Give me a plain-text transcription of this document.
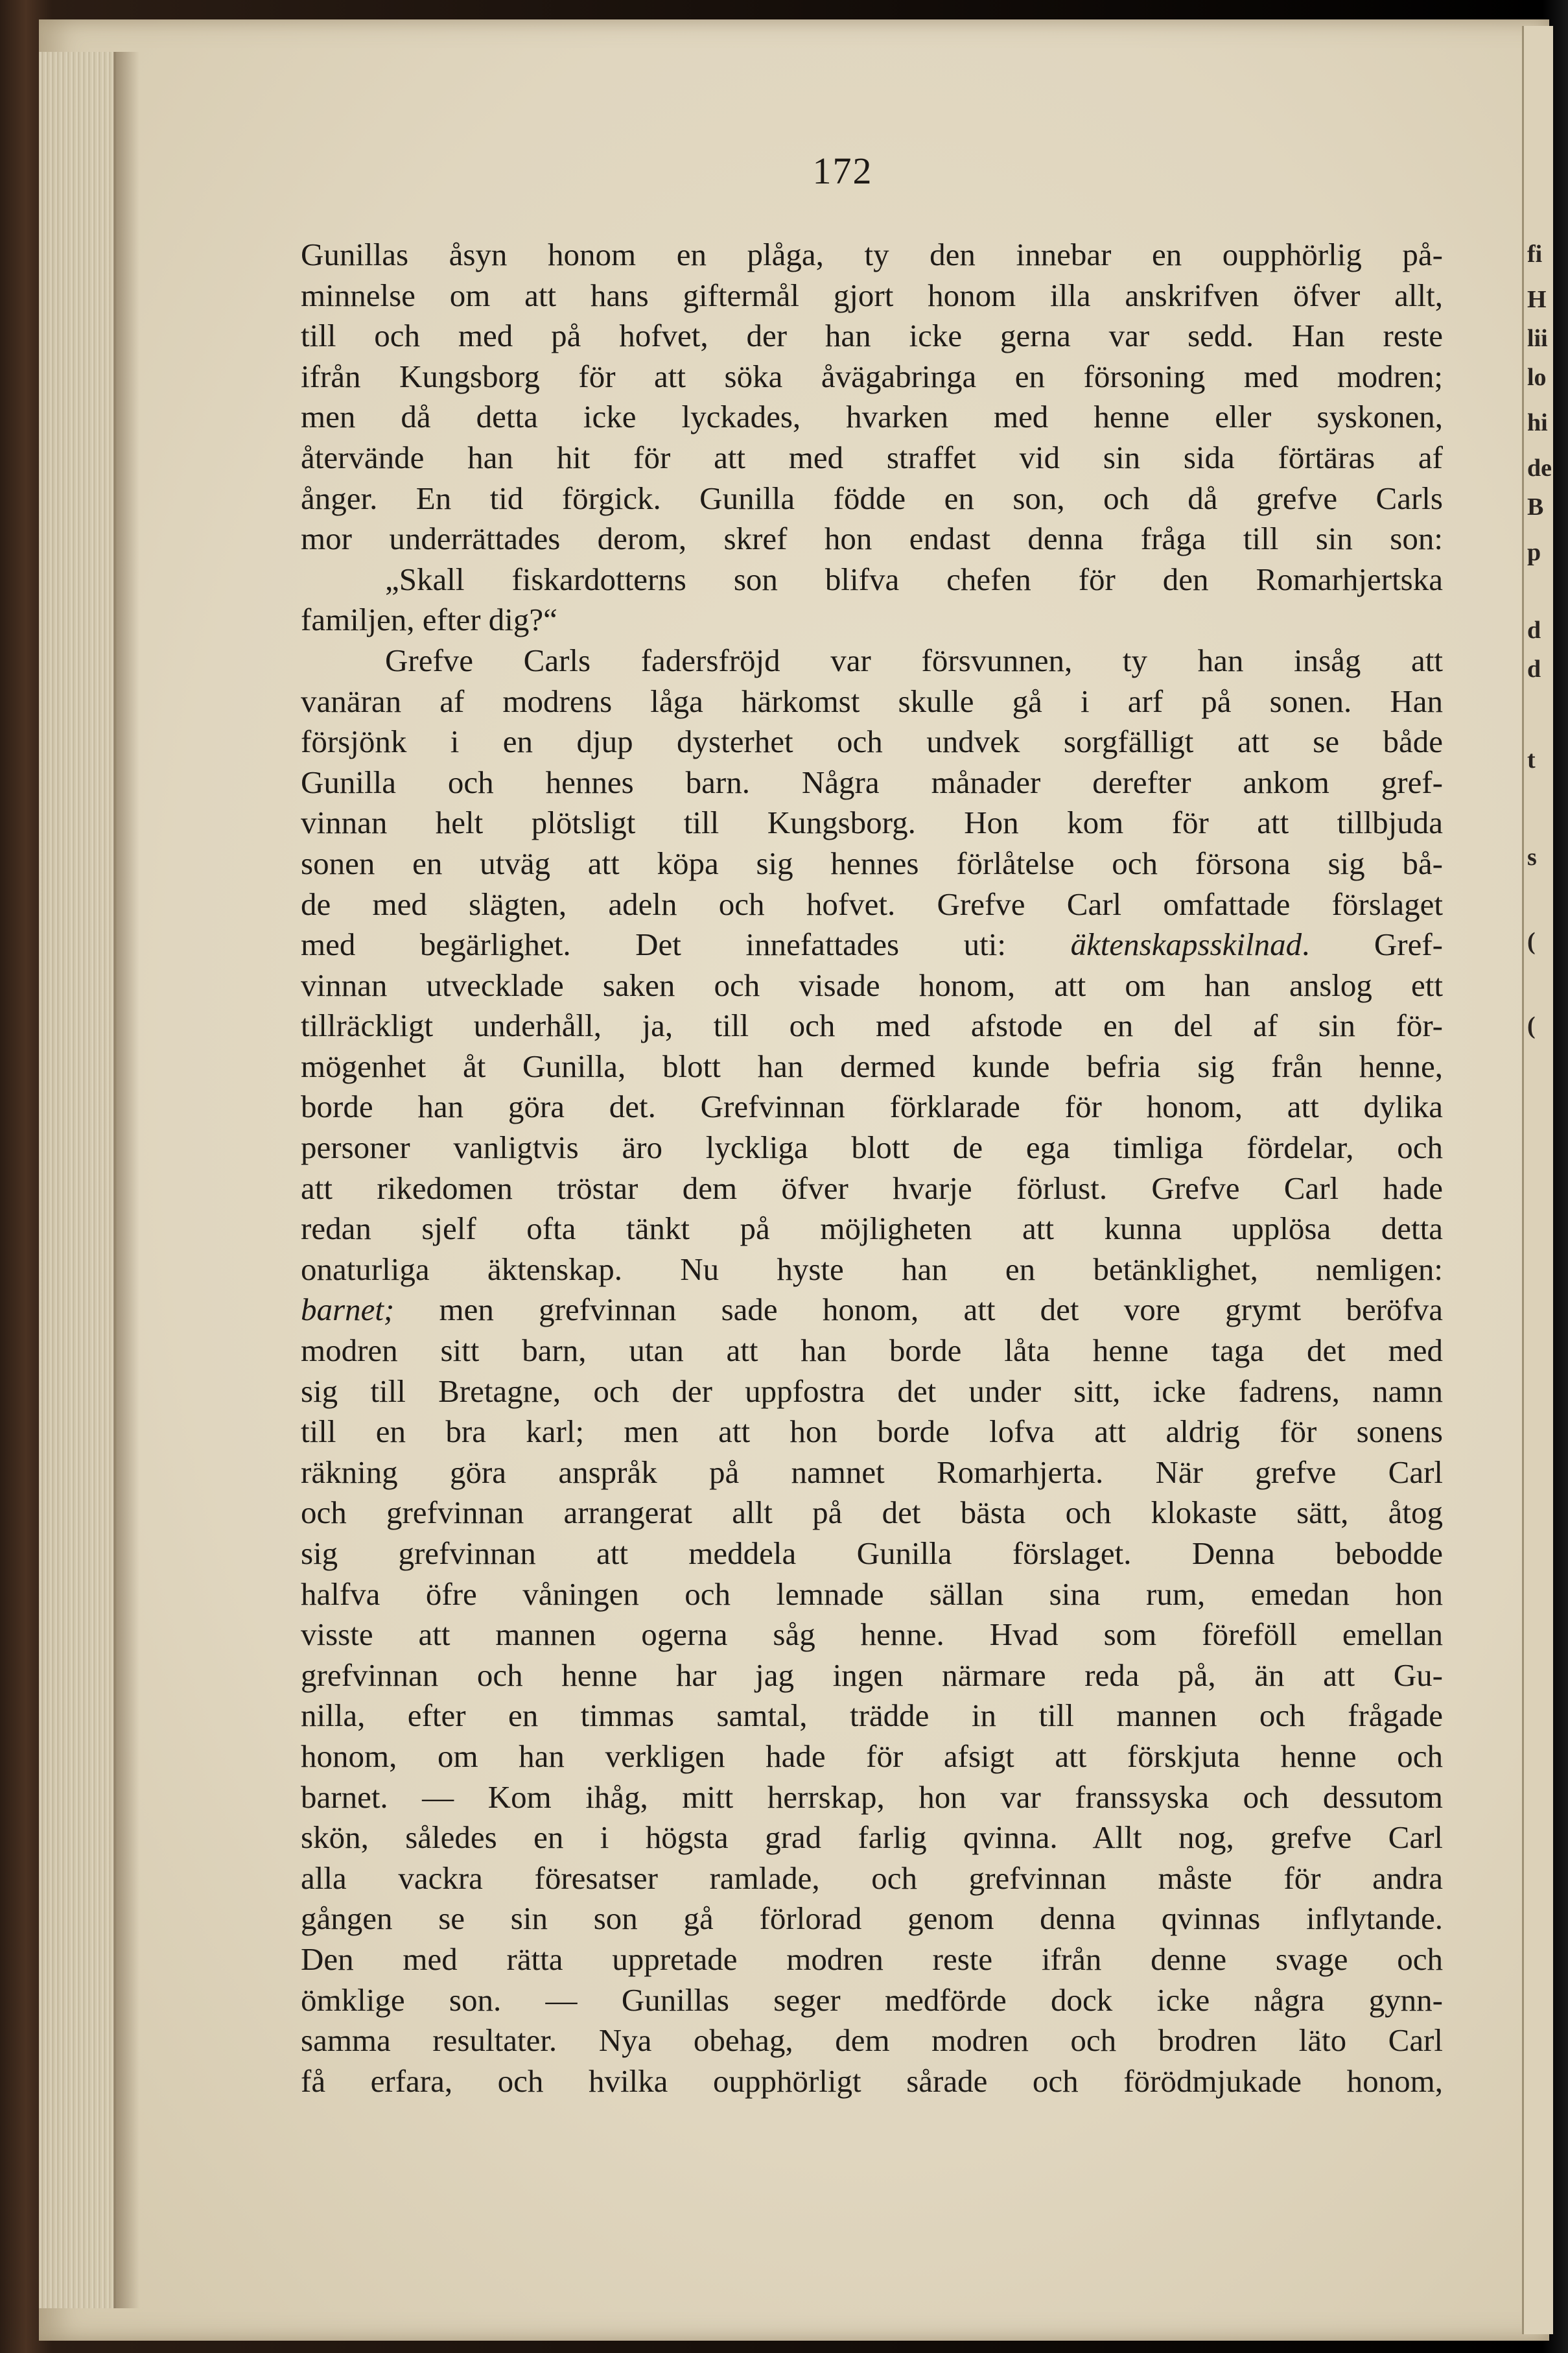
fi
H
lii
lo
hi
de
B
p
d
d
t
s
(
(
172
Gunillas åsyn honom en plåga, ty den innebar en oupphörlig på-
minnelse om att hans giftermål gjort honom illa anskrifven öfver allt,
till och med på hofvet, der han icke gerna var sedd. Han reste
ifrån Kungsborg för att söka åvägabringa en försoning med modren;
men då detta icke lyckades, hvarken med henne eller syskonen,
återvände han hit för att med straffet vid sin sida förtäras af
ånger. En tid förgick. Gunilla födde en son, och då grefve Carls
mor underrättades derom, skref hon endast denna fråga till sin son:
„Skall fiskardotterns son blifva chefen för den Romarhjertska
familjen, efter dig?“
Grefve Carls fadersfröjd var försvunnen, ty han insåg att
vanäran af modrens låga härkomst skulle gå i arf på sonen. Han
försjönk i en djup dysterhet och undvek sorgfälligt att se både
Gunilla och hennes barn. Några månader derefter ankom gref-
vinnan helt plötsligt till Kungsborg. Hon kom för att tillbjuda
sonen en utväg att köpa sig hennes förlåtelse och försona sig bå-
de med slägten, adeln och hofvet. Grefve Carl omfattade förslaget
med begärlighet. Det innefattades uti: äktenskapsskilnad. Gref-
vinnan utvecklade saken och visade honom, att om han anslog ett
tillräckligt underhåll, ja, till och med afstode en del af sin för-
mögenhet åt Gunilla, blott han dermed kunde befria sig från henne,
borde han göra det. Grefvinnan förklarade för honom, att dylika
personer vanligtvis äro lyckliga blott de ega timliga fördelar, och
att rikedomen tröstar dem öfver hvarje förlust. Grefve Carl hade
redan sjelf ofta tänkt på möjligheten att kunna upplösa detta
onaturliga äktenskap. Nu hyste han en betänklighet, nemligen:
barnet; men grefvinnan sade honom, att det vore grymt beröfva
modren sitt barn, utan att han borde låta henne taga det med
sig till Bretagne, och der uppfostra det under sitt, icke fadrens, namn
till en bra karl; men att hon borde lofva att aldrig för sonens
räkning göra anspråk på namnet Romarhjerta. När grefve Carl
och grefvinnan arrangerat allt på det bästa och klokaste sätt, åtog
sig grefvinnan att meddela Gunilla förslaget. Denna bebodde
halfva öfre våningen och lemnade sällan sina rum, emedan hon
visste att mannen ogerna såg henne. Hvad som föreföll emellan
grefvinnan och henne har jag ingen närmare reda på, än att Gu-
nilla, efter en timmas samtal, trädde in till mannen och frågade
honom, om han verkligen hade för afsigt att förskjuta henne och
barnet. — Kom ihåg, mitt herrskap, hon var franssyska och dessutom
skön, således en i högsta grad farlig qvinna. Allt nog, grefve Carl
alla vackra föresatser ramlade, och grefvinnan måste för andra
gången se sin son gå förlorad genom denna qvinnas inflytande.
Den med rätta uppretade modren reste ifrån denne svage och
ömklige son. — Gunillas seger medförde dock icke några gynn-
samma resultater. Nya obehag, dem modren och brodren läto Carl
få erfara, och hvilka oupphörligt sårade och förödmjukade honom,
